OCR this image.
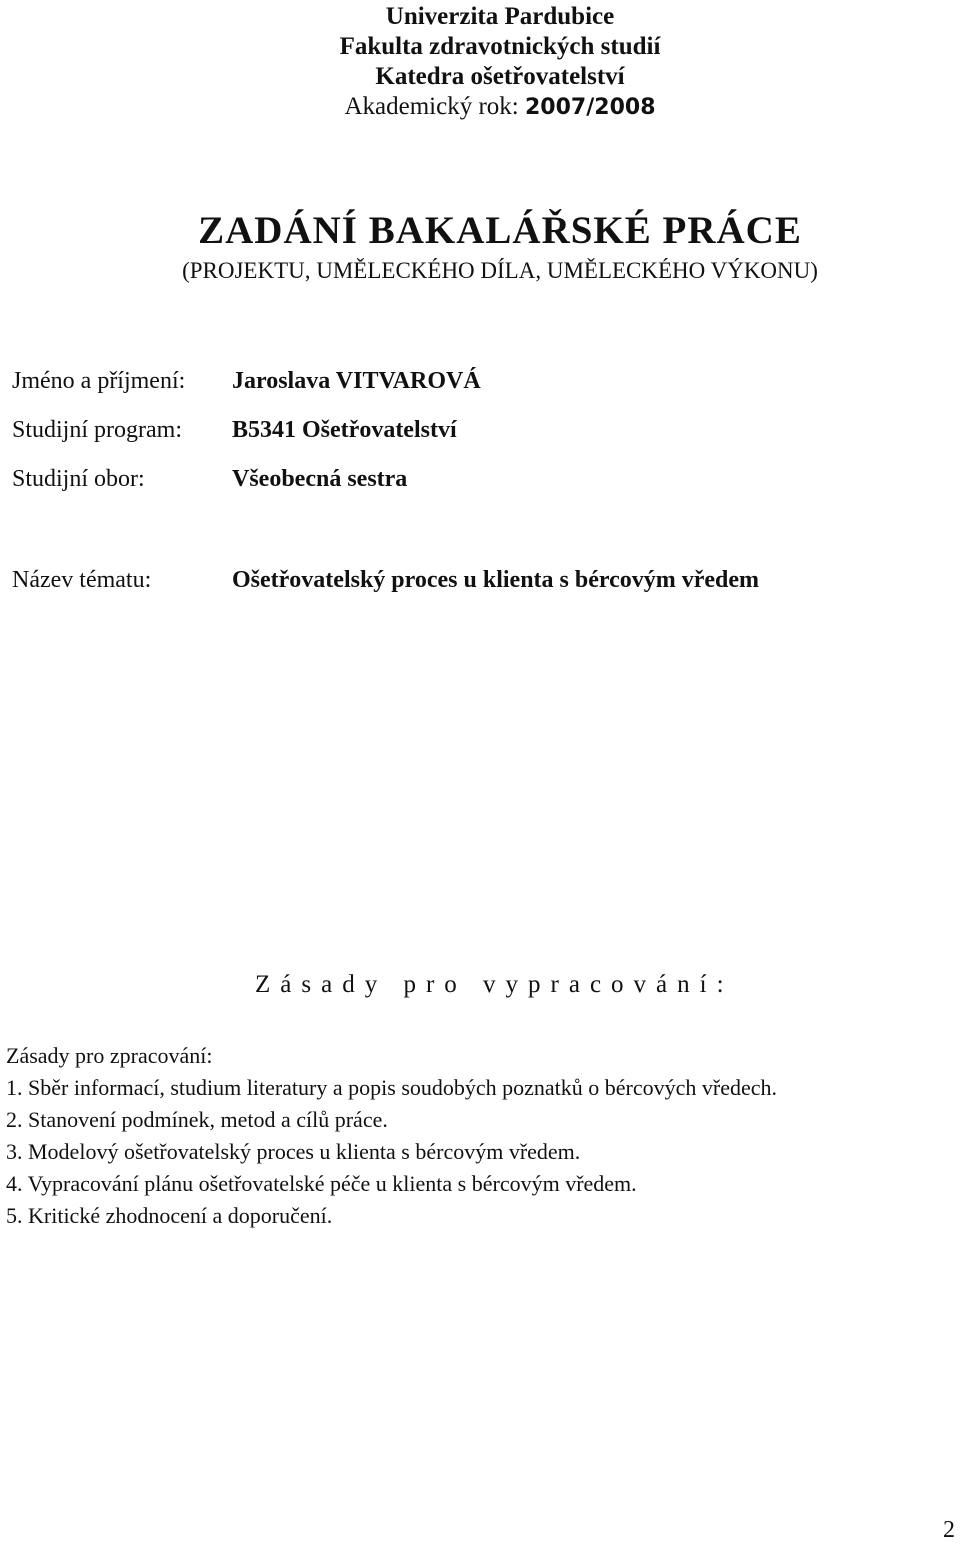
Univerzita Pardubice

Fakulta zdravotnických studií

Katedra ošetřovatelství

Akademický rok: 2007/2008

ZADÁNÍ BAKALÁŘSKÉ PRÁCE

(PROJEKTU, UMĚLECKÉHO DÍLA, UMĚLECKÉHO VÝKONU)

Jméno a příjmení: Jaroslava VITVAROVÁ
Studijní program: B5341 Ošetřovatelství
Studijní obor:	Všeobecná sestra
Název tématu:	Ošetřovatelský proces u klienta s bércovým vředem

Zásady pro vypracování:

Zásady pro zpracování:

1. Sběr informací, studium literatury a popis soudobých poznatků o bércových vředech.
2. Stanovení podmínek, metod a cílů práce.
3. Modelový ošetřovatelský proces u klienta s bércovým vředem.
4. Vypracování plánu ošetřovatelské péče u klienta s bércovým vředem.
5. Kritické zhodnocení a doporučení.
2
